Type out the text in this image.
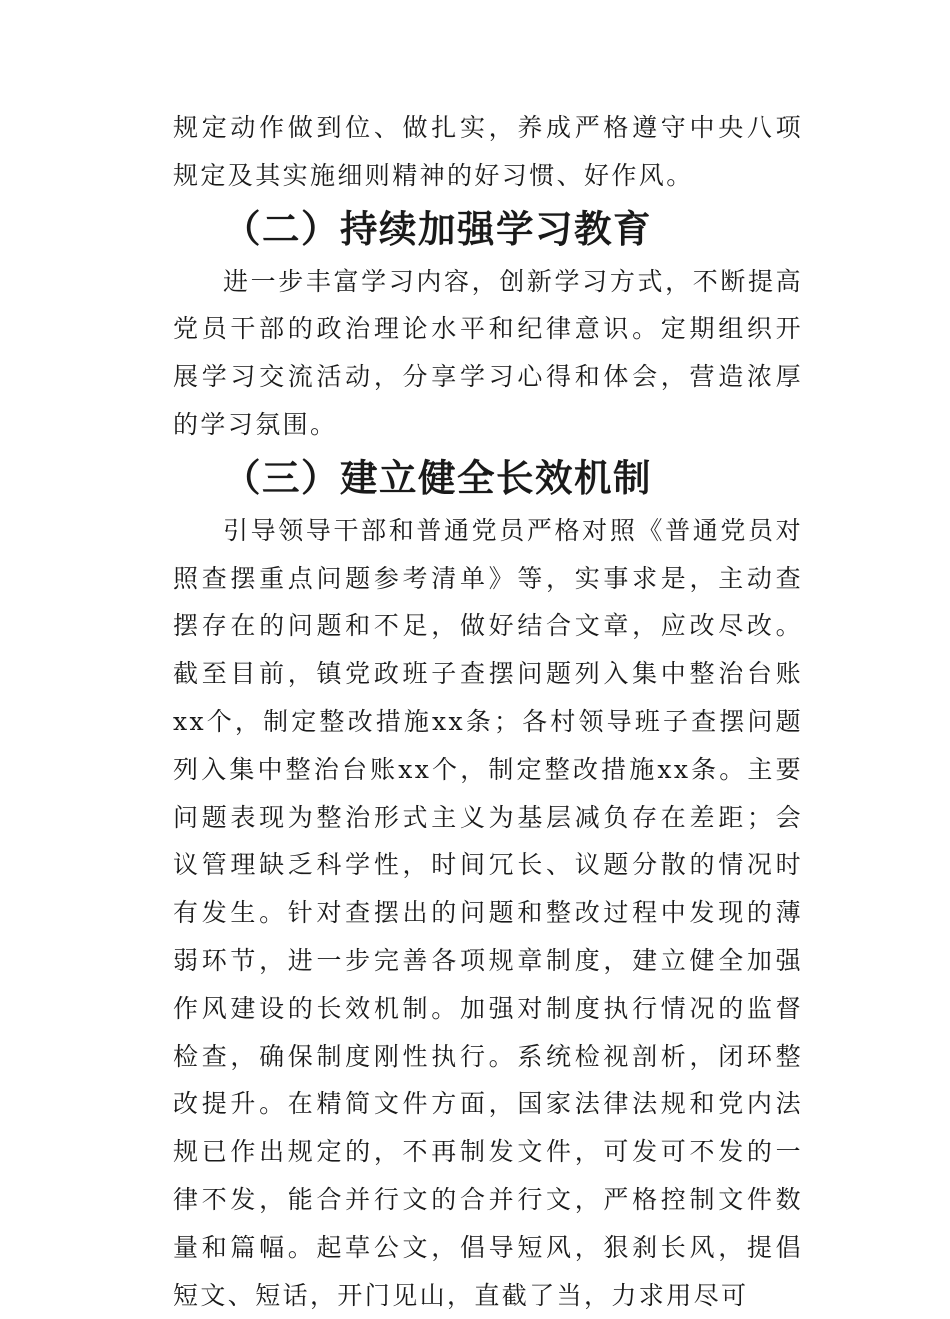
规定动作做到位、做扎实，养成严格遵守中央八项规定及其实施细则精神的好习惯、好作风。

（二）持续加强学习教育

进一步丰富学习内容，创新学习方式，不断提高党员干部的政治理论水平和纪律意识。定期组织开展学习交流活动，分享学习心得和体会，营造浓厚的学习氛围。

（三）建立健全长效机制

引导领导干部和普通党员严格对照《普通党员对照查摆重点问题参考清单》等，实事求是，主动查摆存在的问题和不足，做好结合文章，应改尽改。截至目前，镇党政班子查摆问题列入集中整治台账xx个，制定整改措施xx条；各村领导班子查摆问题列入集中整治台账xx个，制定整改措施xx条。主要问题表现为整治形式主义为基层减负存在差距；会议管理缺乏科学性，时间冗长、议题分散的情况时有发生。针对查摆出的问题和整改过程中发现的薄弱环节，进一步完善各项规章制度，建立健全加强作风建设的长效机制。加强对制度执行情况的监督检查，确保制度刚性执行。系统检视剖析，闭环整改提升。在精简文件方面，国家法律法规和党内法规已作出规定的，不再制发文件，可发可不发的一律不发，能合并行文的合并行文，严格控制文件数量和篇幅。起草公文，倡导短风，狠刹长风，提倡短文、短话，开门见山，直截了当，力求用尽可
